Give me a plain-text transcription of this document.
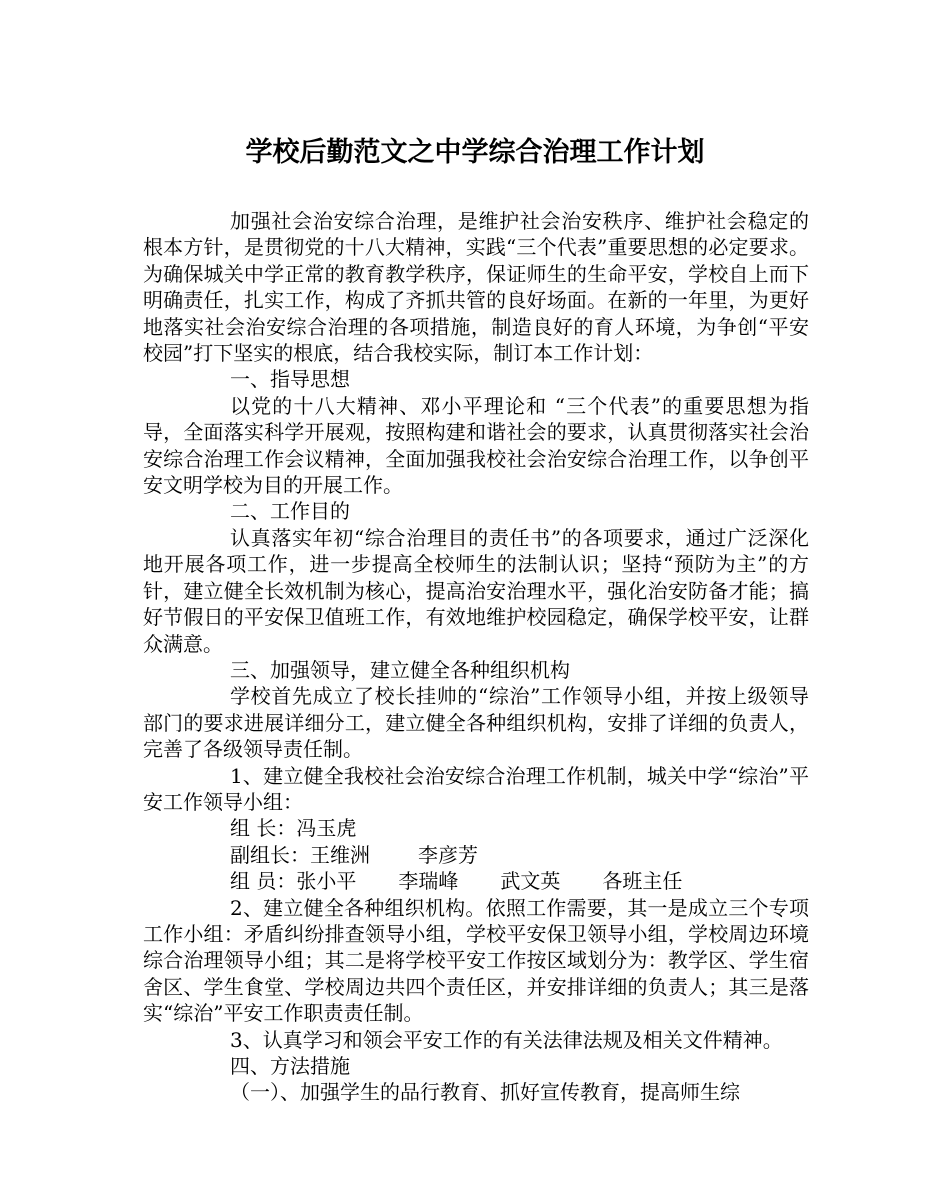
学校后勤范文之中学综合治理工作计划

加强社会治安综合治理，是维护社会治安秩序、维护社会稳定的根本方针，是贯彻党的十八大精神，实践“三个代表”重要思想的必定要求。为确保城关中学正常的教育教学秩序，保证师生的生命平安，学校自上而下明确责任，扎实工作，构成了齐抓共管的良好场面。在新的一年里，为更好地落实社会治安综合治理的各项措施，制造良好的育人环境，为争创“平安校园”打下坚实的根底，结合我校实际，制订本工作计划：

一、指导思想

以党的十八大精神、邓小平理论和 “三个代表”的重要思想为指导，全面落实科学开展观，按照构建和谐社会的要求，认真贯彻落实社会治安综合治理工作会议精神，全面加强我校社会治安综合治理工作，以争创平安文明学校为目的开展工作。

二、工作目的

认真落实年初“综合治理目的责任书”的各项要求，通过广泛深化地开展各项工作，进一步提高全校师生的法制认识；坚持“预防为主”的方针，建立健全长效机制为核心，提高治安治理水平，强化治安防备才能；搞好节假日的平安保卫值班工作，有效地维护校园稳定，确保学校平安，让群众满意。

三、加强领导，建立健全各种组织机构

学校首先成立了校长挂帅的“综治”工作领导小组，并按上级领导部门的要求进展详细分工，建立健全各种组织机构，安排了详细的负责人，完善了各级领导责任制。

1、建立健全我校社会治安综合治理工作机制，城关中学“综治”平安工作领导小组：

组 长：冯玉虎

副组长：王维洲 李彦芳

组 员：张小平 李瑞峰 武文英 各班主任

2、建立健全各种组织机构。依照工作需要，其一是成立三个专项工作小组：矛盾纠纷排查领导小组，学校平安保卫领导小组，学校周边环境综合治理领导小组；其二是将学校平安工作按区域划分为：教学区、学生宿舍区、学生食堂、学校周边共四个责任区，并安排详细的负责人；其三是落实“综治”平安工作职责责任制。

3、认真学习和领会平安工作的有关法律法规及相关文件精神。

四、方法措施

（一）、加强学生的品行教育、抓好宣传教育，提高师生综
